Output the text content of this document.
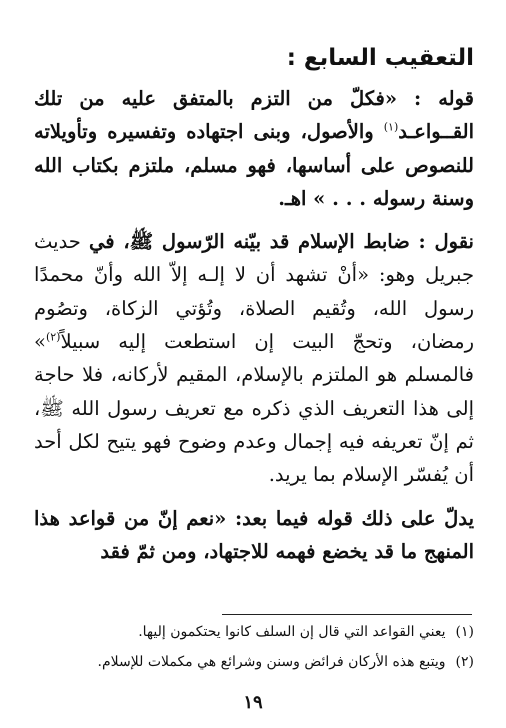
التعقيب السابع :

قوله : «فكلّ من التزم بالمتفق عليه من تلك القــواعـد$^{(١)}$ والأصول، وبنى اجتهاده وتفسيره وتأويلاته للنصوص على أساسها، فهو مسلم، ملتزم بكتاب الله وسنة رسوله . . . » اهـ.

نقول : ضابط الإسلام قد بيّنه الرّسول ﷺ، في حديث جبريل وهو: «أنْ تشهد أن لا إلـه إلاّ الله وأنّ محمدًا رسول الله، وتُقيم الصلاة، وتُؤتي الزكاة، وتصُوم رمضان، وتحجّ البيت إن استطعت إليه سبيلاً$^{(٢)}$» فالمسلم هو الملتزم بالإسلام، المقيم لأركانه، فلا حاجة إلى هذا التعريف الذي ذكره مع تعريف رسول الله ﷺ، ثم إنّ تعريفه فيه إجمال وعدم وضوح فهو يتيح لكل أحد أن يُفسّر الإسلام بما يريد.

يدلّ على ذلك قوله فيما بعد: «نعم إنّ من قواعد هذا المنهج ما قد يخضع فهمه للاجتهاد، ومن ثمّ فقد

(١)يعني القواعد التي قال إن السلف كانوا يحتكمون إليها.

(٢)ويتبع هذه الأركان فرائض وسنن وشرائع هي مكملات للإسلام.

١٩
